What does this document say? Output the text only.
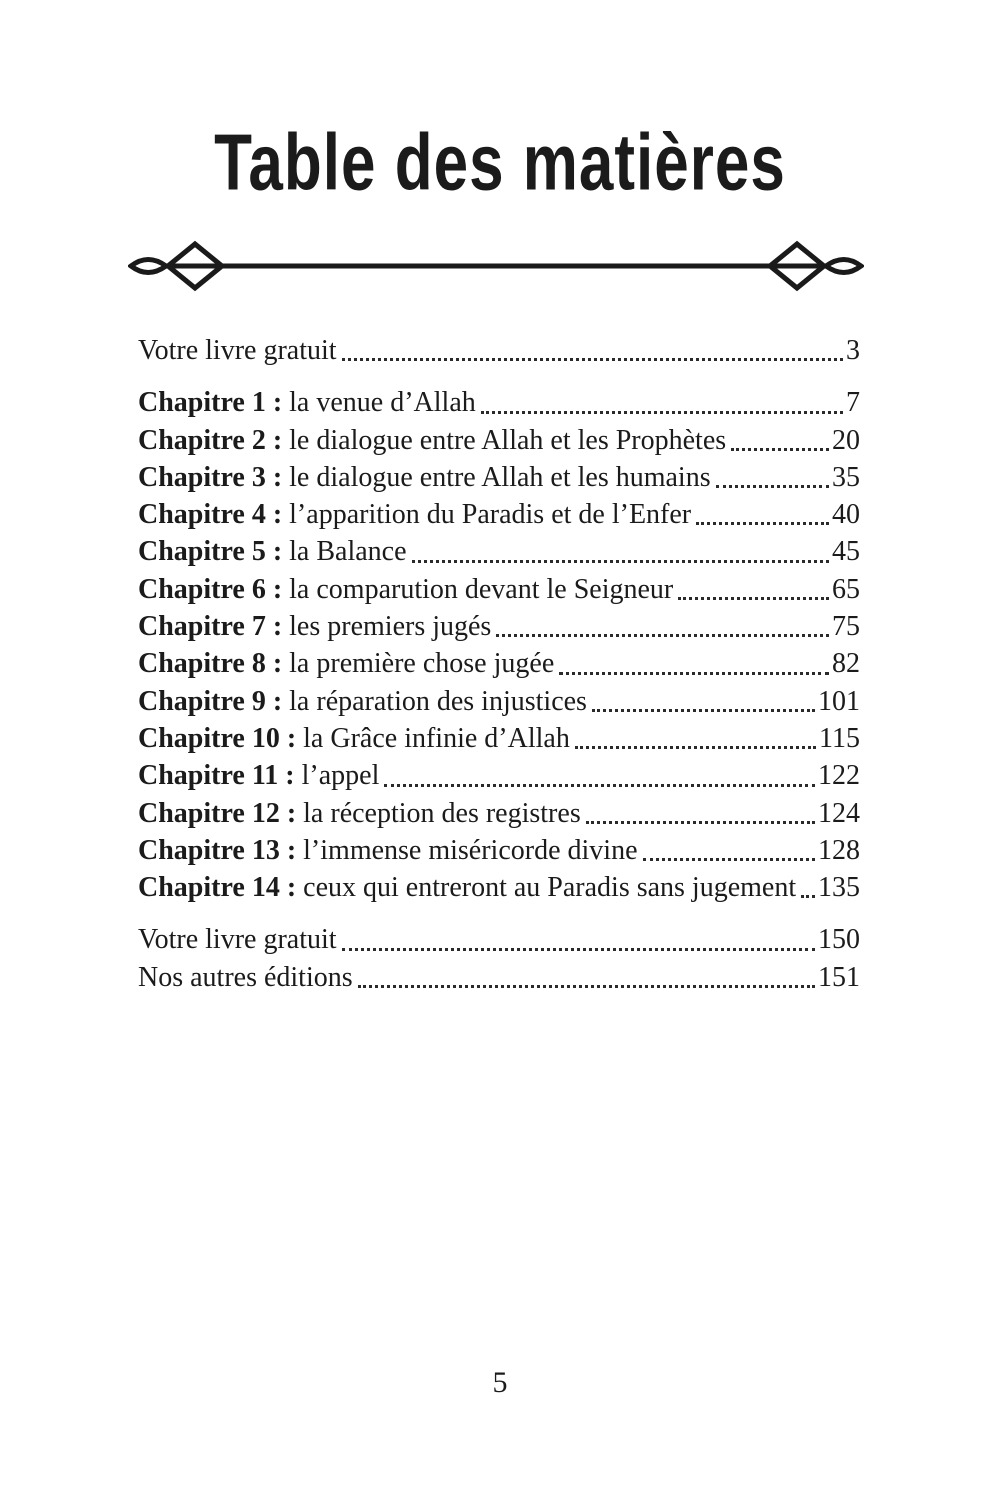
Table des matières
Votre livre gratuit	3
Chapitre 1 : la venue d’Allah	7
Chapitre 2 : le dialogue entre Allah et les Prophètes	20
Chapitre 3 : le dialogue entre Allah et les humains	35
Chapitre 4 : l’apparition du Paradis et de l’Enfer	40
Chapitre 5 : la Balance	45
Chapitre 6 : la comparution devant le Seigneur	65
Chapitre 7 : les premiers jugés	75
Chapitre 8 : la première chose jugée	82
Chapitre 9 : la réparation des injustices	101
Chapitre 10 : la Grâce infinie d’Allah	115
Chapitre 11 : l’appel	122
Chapitre 12 : la réception des registres	124
Chapitre 13 : l’immense miséricorde divine	128
Chapitre 14 : ceux qui entreront au Paradis sans jugement 135
Votre livre gratuit	150
Nos autres éditions	151
5
